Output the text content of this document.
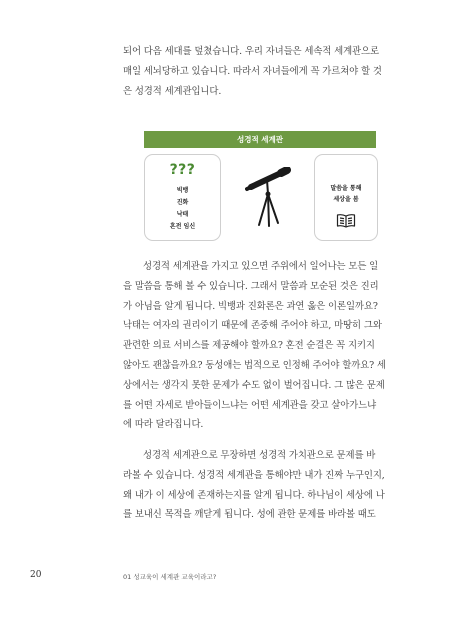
되어 다음 세대를 덮쳤습니다. 우리 자녀들은 세속적 세계관으로
매일 세뇌당하고 있습니다. 따라서 자녀들에게 꼭 가르쳐야 할 것
은 성경적 세계관입니다.
성경적 세계관
???
빅뱅
진화
낙태
혼전 임신
말씀을 통해
세상을 봄
성경적 세계관을 가지고 있으면 주위에서 일어나는 모든 일
을 말씀을 통해 볼 수 있습니다. 그래서 말씀과 모순된 것은 진리
가 아님을 알게 됩니다. 빅뱅과 진화론은 과연 옳은 이론일까요?
낙태는 여자의 권리이기 때문에 존중해 주어야 하고, 마땅히 그와
관련한 의료 서비스를 제공해야 할까요? 혼전 순결은 꼭 지키지
않아도 괜찮을까요? 동성애는 법적으로 인정해 주어야 할까요? 세
상에서는 생각지 못한 문제가 수도 없이 벌어집니다. 그 많은 문제
를 어떤 자세로 받아들이느냐는 어떤 세계관을 갖고 살아가느냐
에 따라 달라집니다.
성경적 세계관으로 무장하면 성경적 가치관으로 문제를 바
라볼 수 있습니다. 성경적 세계관을 통해야만 내가 진짜 누구인지,
왜 내가 이 세상에 존재하는지를 알게 됩니다. 하나님이 세상에 나
를 보내신 목적을 깨닫게 됩니다. 성에 관한 문제를 바라볼 때도
20	01 성교육이 세계관 교육이라고?
